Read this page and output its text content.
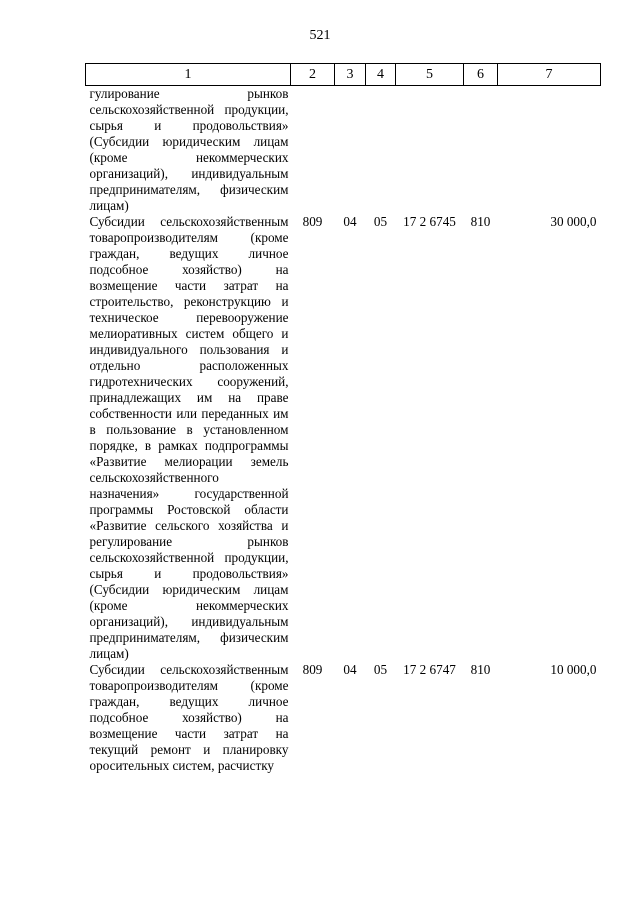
521
1	2	3	4	5	6	7
гулирование рынков сельскохозяйственной продукции, сырья и продовольствия» (Субсидии юридическим лицам (кроме некоммерческих организаций), индивидуальным предпринимателям, физическим лицам)						
Субсидии сельскохозяйственным товаропроизводителям (кроме граждан, ведущих личное подсобное хозяйство) на возмещение части затрат на строительство, реконструкцию и техническое перевооружение мелиоративных систем общего и индивидуального пользования и отдельно расположенных гидротехнических сооружений, принадлежащих им на праве собственности или переданных им в пользование в установленном порядке, в рамках подпрограммы «Развитие мелиорации земель сельскохозяйственного назначения» государственной программы Ростовской области «Развитие сельского хозяйства и регулирование рынков сельскохозяйственной продукции, сырья и продовольствия» (Субсидии юридическим лицам (кроме некоммерческих организаций), индивидуальным предпринимателям, физическим лицам)	809	04	05	17 2 6745	810	30 000,0
Субсидии сельскохозяйственным товаропроизводителям (кроме граждан, ведущих личное подсобное хозяйство) на возмещение части затрат на текущий ремонт и планировку оросительных систем, расчистку	809	04	05	17 2 6747	810	10 000,0
